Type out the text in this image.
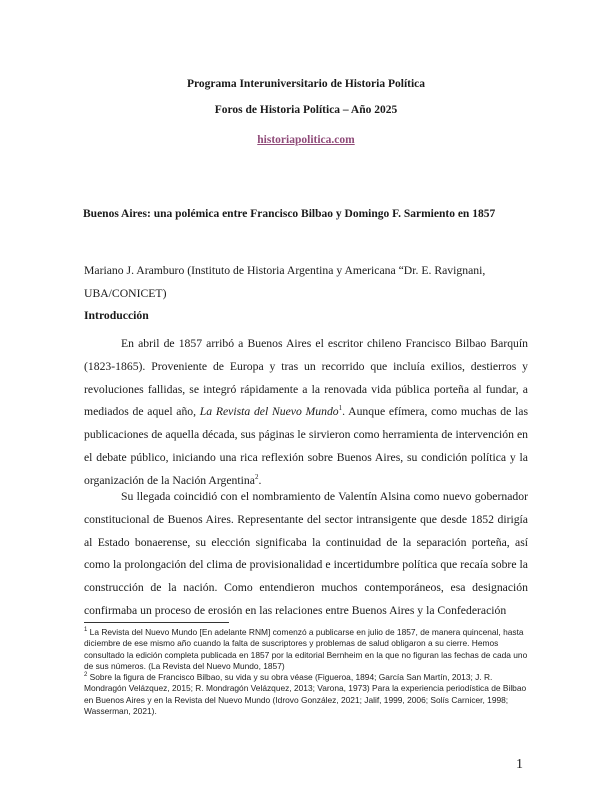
Programa Interuniversitario de Historia Política
Foros de Historia Política – Año 2025
historiapolitica.com
Buenos Aires: una polémica entre Francisco Bilbao y Domingo F. Sarmiento en 1857
Mariano J. Aramburo (Instituto de Historia Argentina y Americana “Dr. E. Ravignani, UBA/CONICET)
Introducción
En abril de 1857 arribó a Buenos Aires el escritor chileno Francisco Bilbao Barquín (1823-1865). Proveniente de Europa y tras un recorrido que incluía exilios, destierros y revoluciones fallidas, se integró rápidamente a la renovada vida pública porteña al fundar, a mediados de aquel año, La Revista del Nuevo Mundo$^1$. Aunque efímera, como muchas de las publicaciones de aquella década, sus páginas le sirvieron como herramienta de intervención en el debate público, iniciando una rica reflexión sobre Buenos Aires, su condición política y la organización de la Nación Argentina$^2$.
Su llegada coincidió con el nombramiento de Valentín Alsina como nuevo gobernador constitucional de Buenos Aires. Representante del sector intransigente que desde 1852 dirigía al Estado bonaerense, su elección significaba la continuidad de la separación porteña, así como la prolongación del clima de provisionalidad e incertidumbre política que recaía sobre la construcción de la nación. Como entendieron muchos contemporáneos, esa designación confirmaba un proceso de erosión en las relaciones entre Buenos Aires y la Confederación
$^1$ La Revista del Nuevo Mundo [En adelante RNM] comenzó a publicarse en julio de 1857, de manera quincenal, hasta diciembre de ese mismo año cuando la falta de suscriptores y problemas de salud obligaron a su cierre. Hemos consultado la edición completa publicada en 1857 por la editorial Bernheim en la que no figuran las fechas de cada uno de sus números. (La Revista del Nuevo Mundo, 1857)
$^2$ Sobre la figura de Francisco Bilbao, su vida y su obra véase (Figueroa, 1894; García San Martín, 2013; J. R. Mondragón Velázquez, 2015; R. Mondragón Velázquez, 2013; Varona, 1973) Para la experiencia periodística de Bilbao en Buenos Aires y en la Revista del Nuevo Mundo (Idrovo González, 2021; Jalif, 1999, 2006; Solís Carnicer, 1998; Wasserman, 2021).
1
